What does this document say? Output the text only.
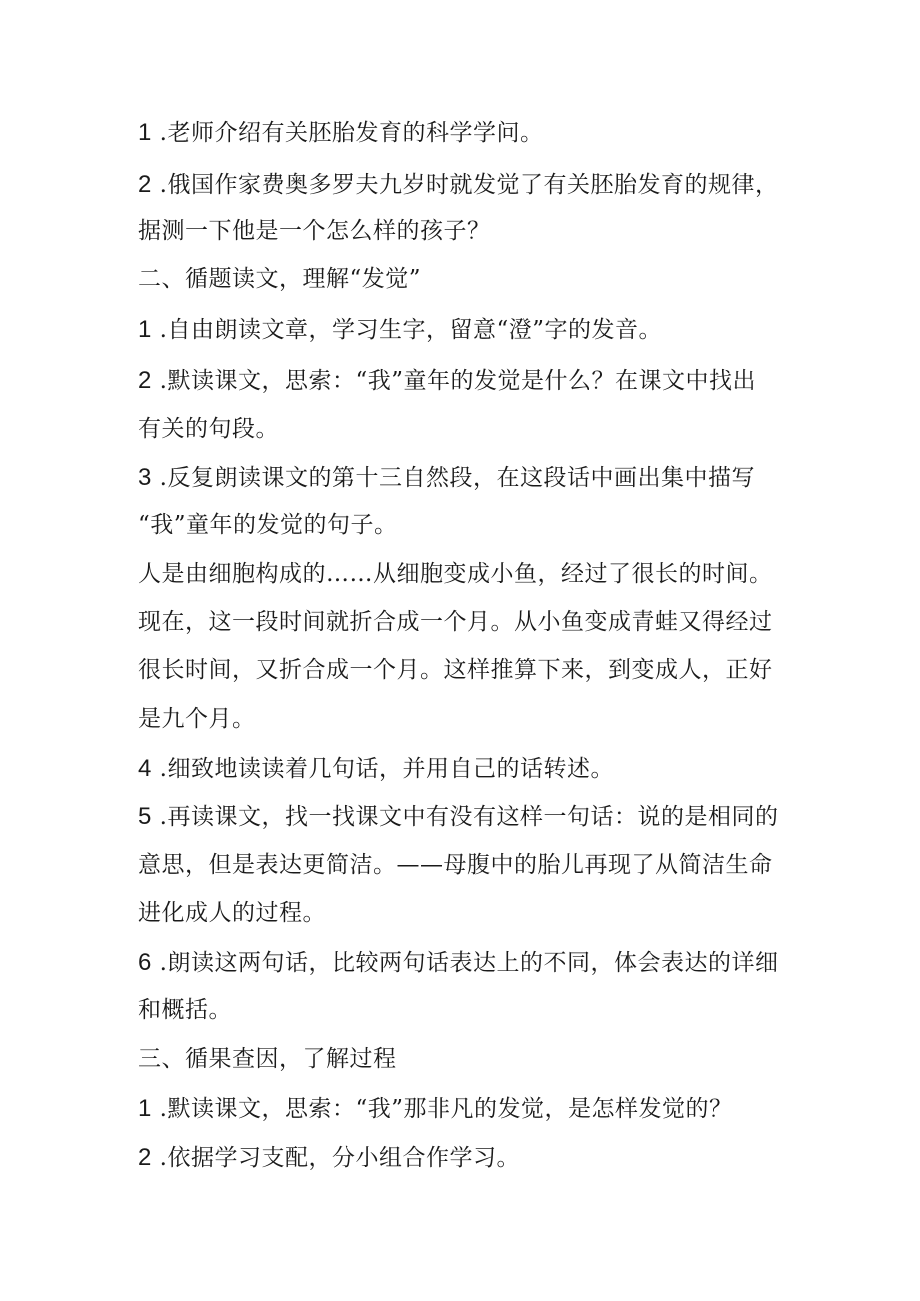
1 .老师介绍有关胚胎发育的科学学问。
2 .俄国作家费奥多罗夫九岁时就发觉了有关胚胎发育的规律，
据测一下他是一个怎么样的孩子？
二、循题读文，理解“发觉”
1 .自由朗读文章，学习生字，留意“澄”字的发音。
2 .默读课文，思索：“我”童年的发觉是什么？在课文中找出
有关的句段。
3 .反复朗读课文的第十三自然段，在这段话中画出集中描写
“我”童年的发觉的句子。
人是由细胞构成的……从细胞变成小鱼，经过了很长的时间。
现在，这一段时间就折合成一个月。从小鱼变成青蛙又得经过
很长时间，又折合成一个月。这样推算下来，到变成人，正好
是九个月。
4 .细致地读读着几句话，并用自己的话转述。
5 .再读课文，找一找课文中有没有这样一句话：说的是相同的
意思，但是表达更简洁。——母腹中的胎儿再现了从简洁生命
进化成人的过程。
6 .朗读这两句话，比较两句话表达上的不同，体会表达的详细
和概括。
三、循果查因，了解过程
1 .默读课文，思索：“我”那非凡的发觉，是怎样发觉的？
2 .依据学习支配，分小组合作学习。
